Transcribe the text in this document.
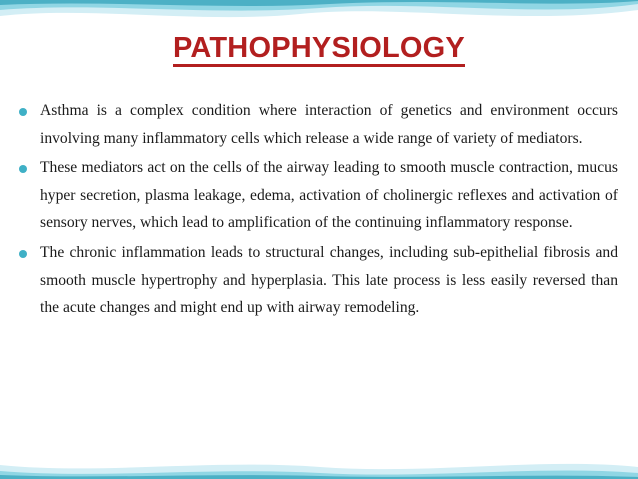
PATHOPHYSIOLOGY
Asthma is a complex condition where interaction of genetics and environment occurs involving many inflammatory cells which release a wide range of variety of mediators.
These mediators act on the cells of the airway leading to smooth muscle contraction, mucus hyper secretion, plasma leakage, edema, activation of cholinergic reflexes and activation of sensory nerves, which lead to amplification of the continuing inflammatory response.
The chronic inflammation leads to structural changes, including sub-epithelial fibrosis and smooth muscle hypertrophy and hyperplasia. This late process is less easily reversed than the acute changes and might end up with airway remodeling.
